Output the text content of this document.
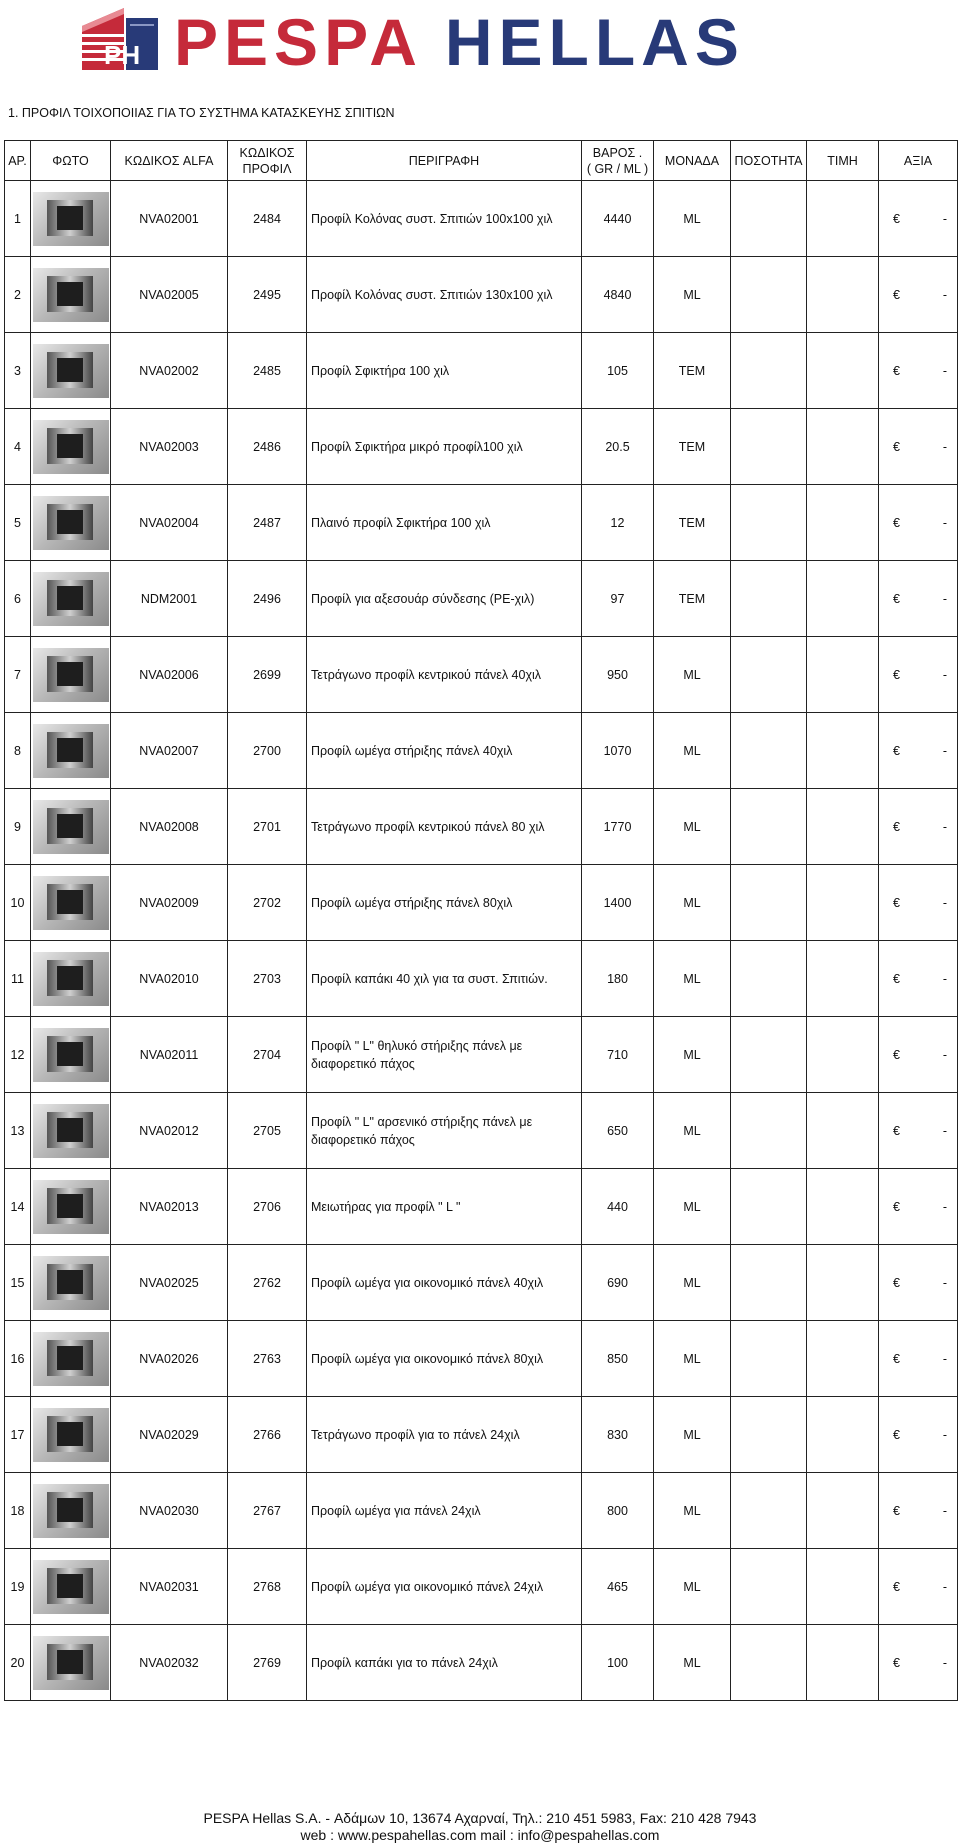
PH PESPA HELLAS
1. ΠΡΟΦΙΛ ΤΟΙΧΟΠΟΙΙΑΣ ΓΙΑ ΤΟ ΣΥΣΤΗΜΑ ΚΑΤΑΣΚΕΥΗΣ ΣΠΙΤΙΩΝ
ΑΡ.	ΦΩΤΟ	ΚΩΔΙΚΟΣ ALFA	ΚΩΔΙΚΟΣ
ΠΡΟΦΙΛ	ΠΕΡΙΓΡΑΦΗ	ΒΑΡΟΣ .
( GR / ML )	ΜΟΝΑΔΑ	ΠΟΣΟΤΗΤΑ	ΤΙΜΗ	ΑΞΙΑ
1		NVA02001	2484	Προφίλ Κολόνας συστ. Σπιτιών 100x100 χιλ	4440	ML			€ -

2		NVA02005	2495	Προφίλ Κολόνας συστ. Σπιτιών 130x100 χιλ	4840	ML			€ -

3		NVA02002	2485	Προφίλ Σφικτήρα 100 χιλ	105	ΤΕΜ			€ -

4		NVA02003	2486	Προφίλ Σφικτήρα μικρό προφίλ100 χιλ	20.5	ΤΕΜ			€ -

5		NVA02004	2487	Πλαινό προφίλ Σφικτήρα 100 χιλ	12	ΤΕΜ			€ -

6		NDM2001	2496	Προφίλ για αξεσουάρ σύνδεσης (PE-χιλ)	97	ΤΕΜ			€ -

7		NVA02006	2699	Τετράγωνο προφίλ κεντρικού πάνελ 40χιλ	950	ML			€ -

8		NVA02007	2700	Προφίλ ωμέγα στήριξης πάνελ 40χιλ	1070	ML			€ -

9		NVA02008	2701	Τετράγωνο προφίλ κεντρικού πάνελ 80 χιλ	1770	ML			€ -

10		NVA02009	2702	Προφίλ ωμέγα στήριξης πάνελ 80χιλ	1400	ML			€ -

11		NVA02010	2703	Προφίλ καπάκι 40 χιλ για τα συστ. Σπιτιών.	180	ML			€ -

12		NVA02011	2704	Προφίλ " L" θηλυκό στήριξης πάνελ με διαφορετικό πάχος	710	ML			€ -

13		NVA02012	2705	Προφίλ " L" αρσενικό στήριξης πάνελ με διαφορετικό πάχος	650	ML			€ -

14		NVA02013	2706	Μειωτήρας για προφίλ " L "	440	ML			€ -

15		NVA02025	2762	Προφίλ ωμέγα για οικονομικό πάνελ 40χιλ	690	ML			€ -

16		NVA02026	2763	Προφίλ ωμέγα για οικονομικό πάνελ 80χιλ	850	ML			€ -

17		NVA02029	2766	Τετράγωνο προφίλ για το πάνελ 24χιλ	830	ML			€ -

18		NVA02030	2767	Προφίλ ωμέγα για πάνελ 24χιλ	800	ML			€ -

19		NVA02031	2768	Προφίλ ωμέγα για οικονομικό πάνελ 24χιλ	465	ML			€ -

20		NVA02032	2769	Προφίλ καπάκι για το πάνελ 24χιλ	100	ML			€ -
PESPA Hellas S.A. - Αδάμων 10, 13674 Αχαρναί, Τηλ.: 210 451 5983, Fax: 210 428 7943
web : www.pespahellas.com mail : info@pespahellas.com
